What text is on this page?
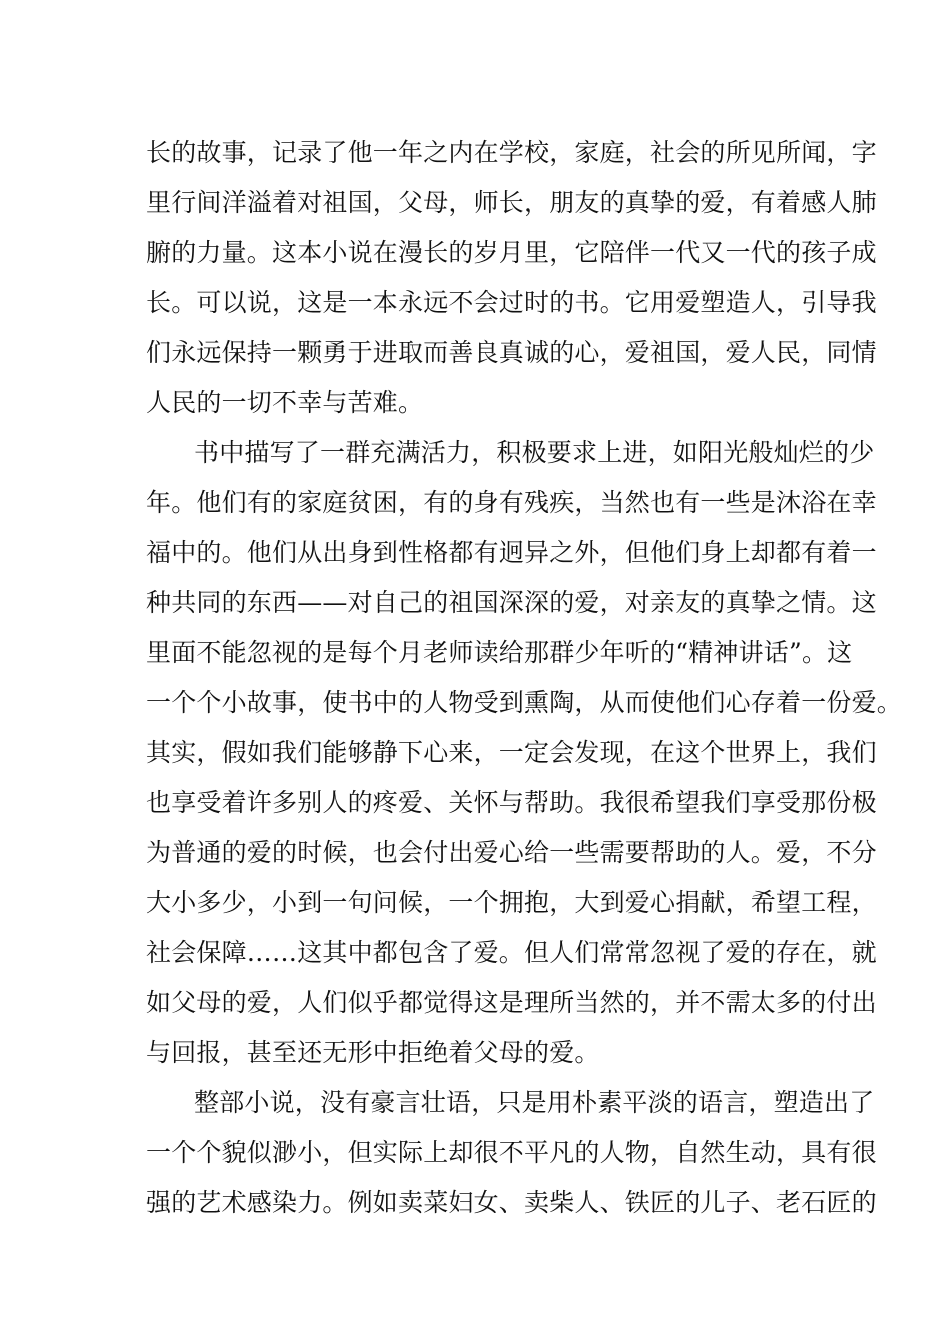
长的故事，记录了他一年之内在学校，家庭，社会的所见所闻，字
里行间洋溢着对祖国，父母，师长，朋友的真挚的爱，有着感人肺
腑的力量。这本小说在漫长的岁月里，它陪伴一代又一代的孩子成
长。可以说，这是一本永远不会过时的书。它用爱塑造人，引导我
们永远保持一颗勇于进取而善良真诚的心，爱祖国，爱人民，同情
人民的一切不幸与苦难。
书中描写了一群充满活力，积极要求上进，如阳光般灿烂的少
年。他们有的家庭贫困，有的身有残疾，当然也有一些是沐浴在幸
福中的。他们从出身到性格都有迥异之外，但他们身上却都有着一
种共同的东西——对自己的祖国深深的爱，对亲友的真挚之情。这
里面不能忽视的是每个月老师读给那群少年听的“精神讲话”。这
一个个小故事，使书中的人物受到熏陶，从而使他们心存着一份爱。
其实，假如我们能够静下心来，一定会发现，在这个世界上，我们
也享受着许多别人的疼爱、关怀与帮助。我很希望我们享受那份极
为普通的爱的时候，也会付出爱心给一些需要帮助的人。爱，不分
大小多少，小到一句问候，一个拥抱，大到爱心捐献，希望工程，
社会保障……这其中都包含了爱。但人们常常忽视了爱的存在，就
如父母的爱，人们似乎都觉得这是理所当然的，并不需太多的付出
与回报，甚至还无形中拒绝着父母的爱。
整部小说，没有豪言壮语，只是用朴素平淡的语言，塑造出了
一个个貌似渺小，但实际上却很不平凡的人物，自然生动，具有很
强的艺术感染力。例如卖菜妇女、卖柴人、铁匠的儿子、老石匠的
